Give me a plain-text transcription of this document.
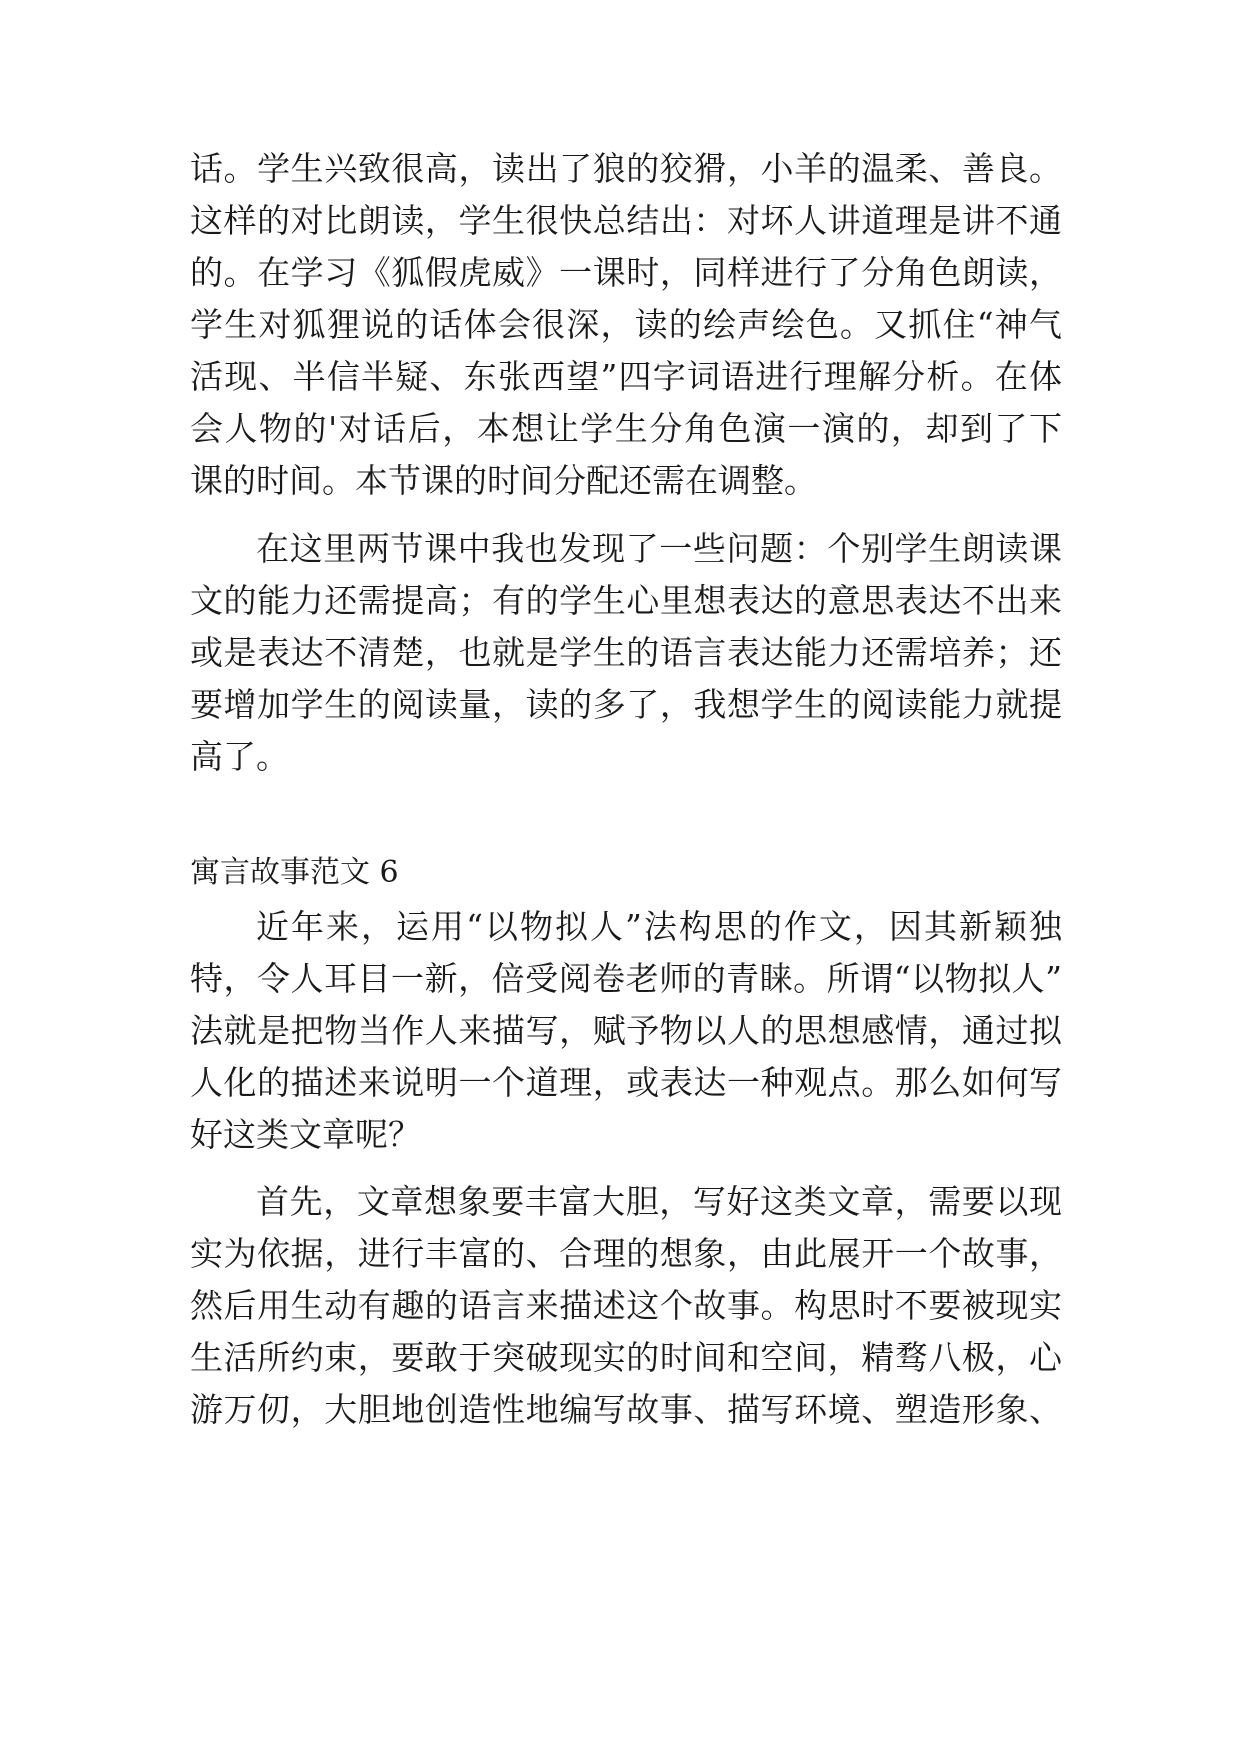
话。学生兴致很高，读出了狼的狡猾，小羊的温柔、善良。
这样的对比朗读，学生很快总结出：对坏人讲道理是讲不通
的。在学习《狐假虎威》一课时，同样进行了分角色朗读，
学生对狐狸说的话体会很深，读的绘声绘色。又抓住“神气
活现、半信半疑、东张西望”四字词语进行理解分析。在体
会人物的'对话后，本想让学生分角色演一演的，却到了下
课的时间。本节课的时间分配还需在调整。
在这里两节课中我也发现了一些问题：个别学生朗读课
文的能力还需提高；有的学生心里想表达的意思表达不出来
或是表达不清楚，也就是学生的语言表达能力还需培养；还
要增加学生的阅读量，读的多了，我想学生的阅读能力就提
高了。
寓言故事范文 6
近年来，运用“以物拟人”法构思的作文，因其新颖独
特，令人耳目一新，倍受阅卷老师的青睐。所谓“以物拟人”
法就是把物当作人来描写，赋予物以人的思想感情，通过拟
人化的描述来说明一个道理，或表达一种观点。那么如何写
好这类文章呢？
首先，文章想象要丰富大胆，写好这类文章，需要以现
实为依据，进行丰富的、合理的想象，由此展开一个故事，
然后用生动有趣的语言来描述这个故事。构思时不要被现实
生活所约束，要敢于突破现实的时间和空间，精骛八极，心
游万仞，大胆地创造性地编写故事、描写环境、塑造形象、
